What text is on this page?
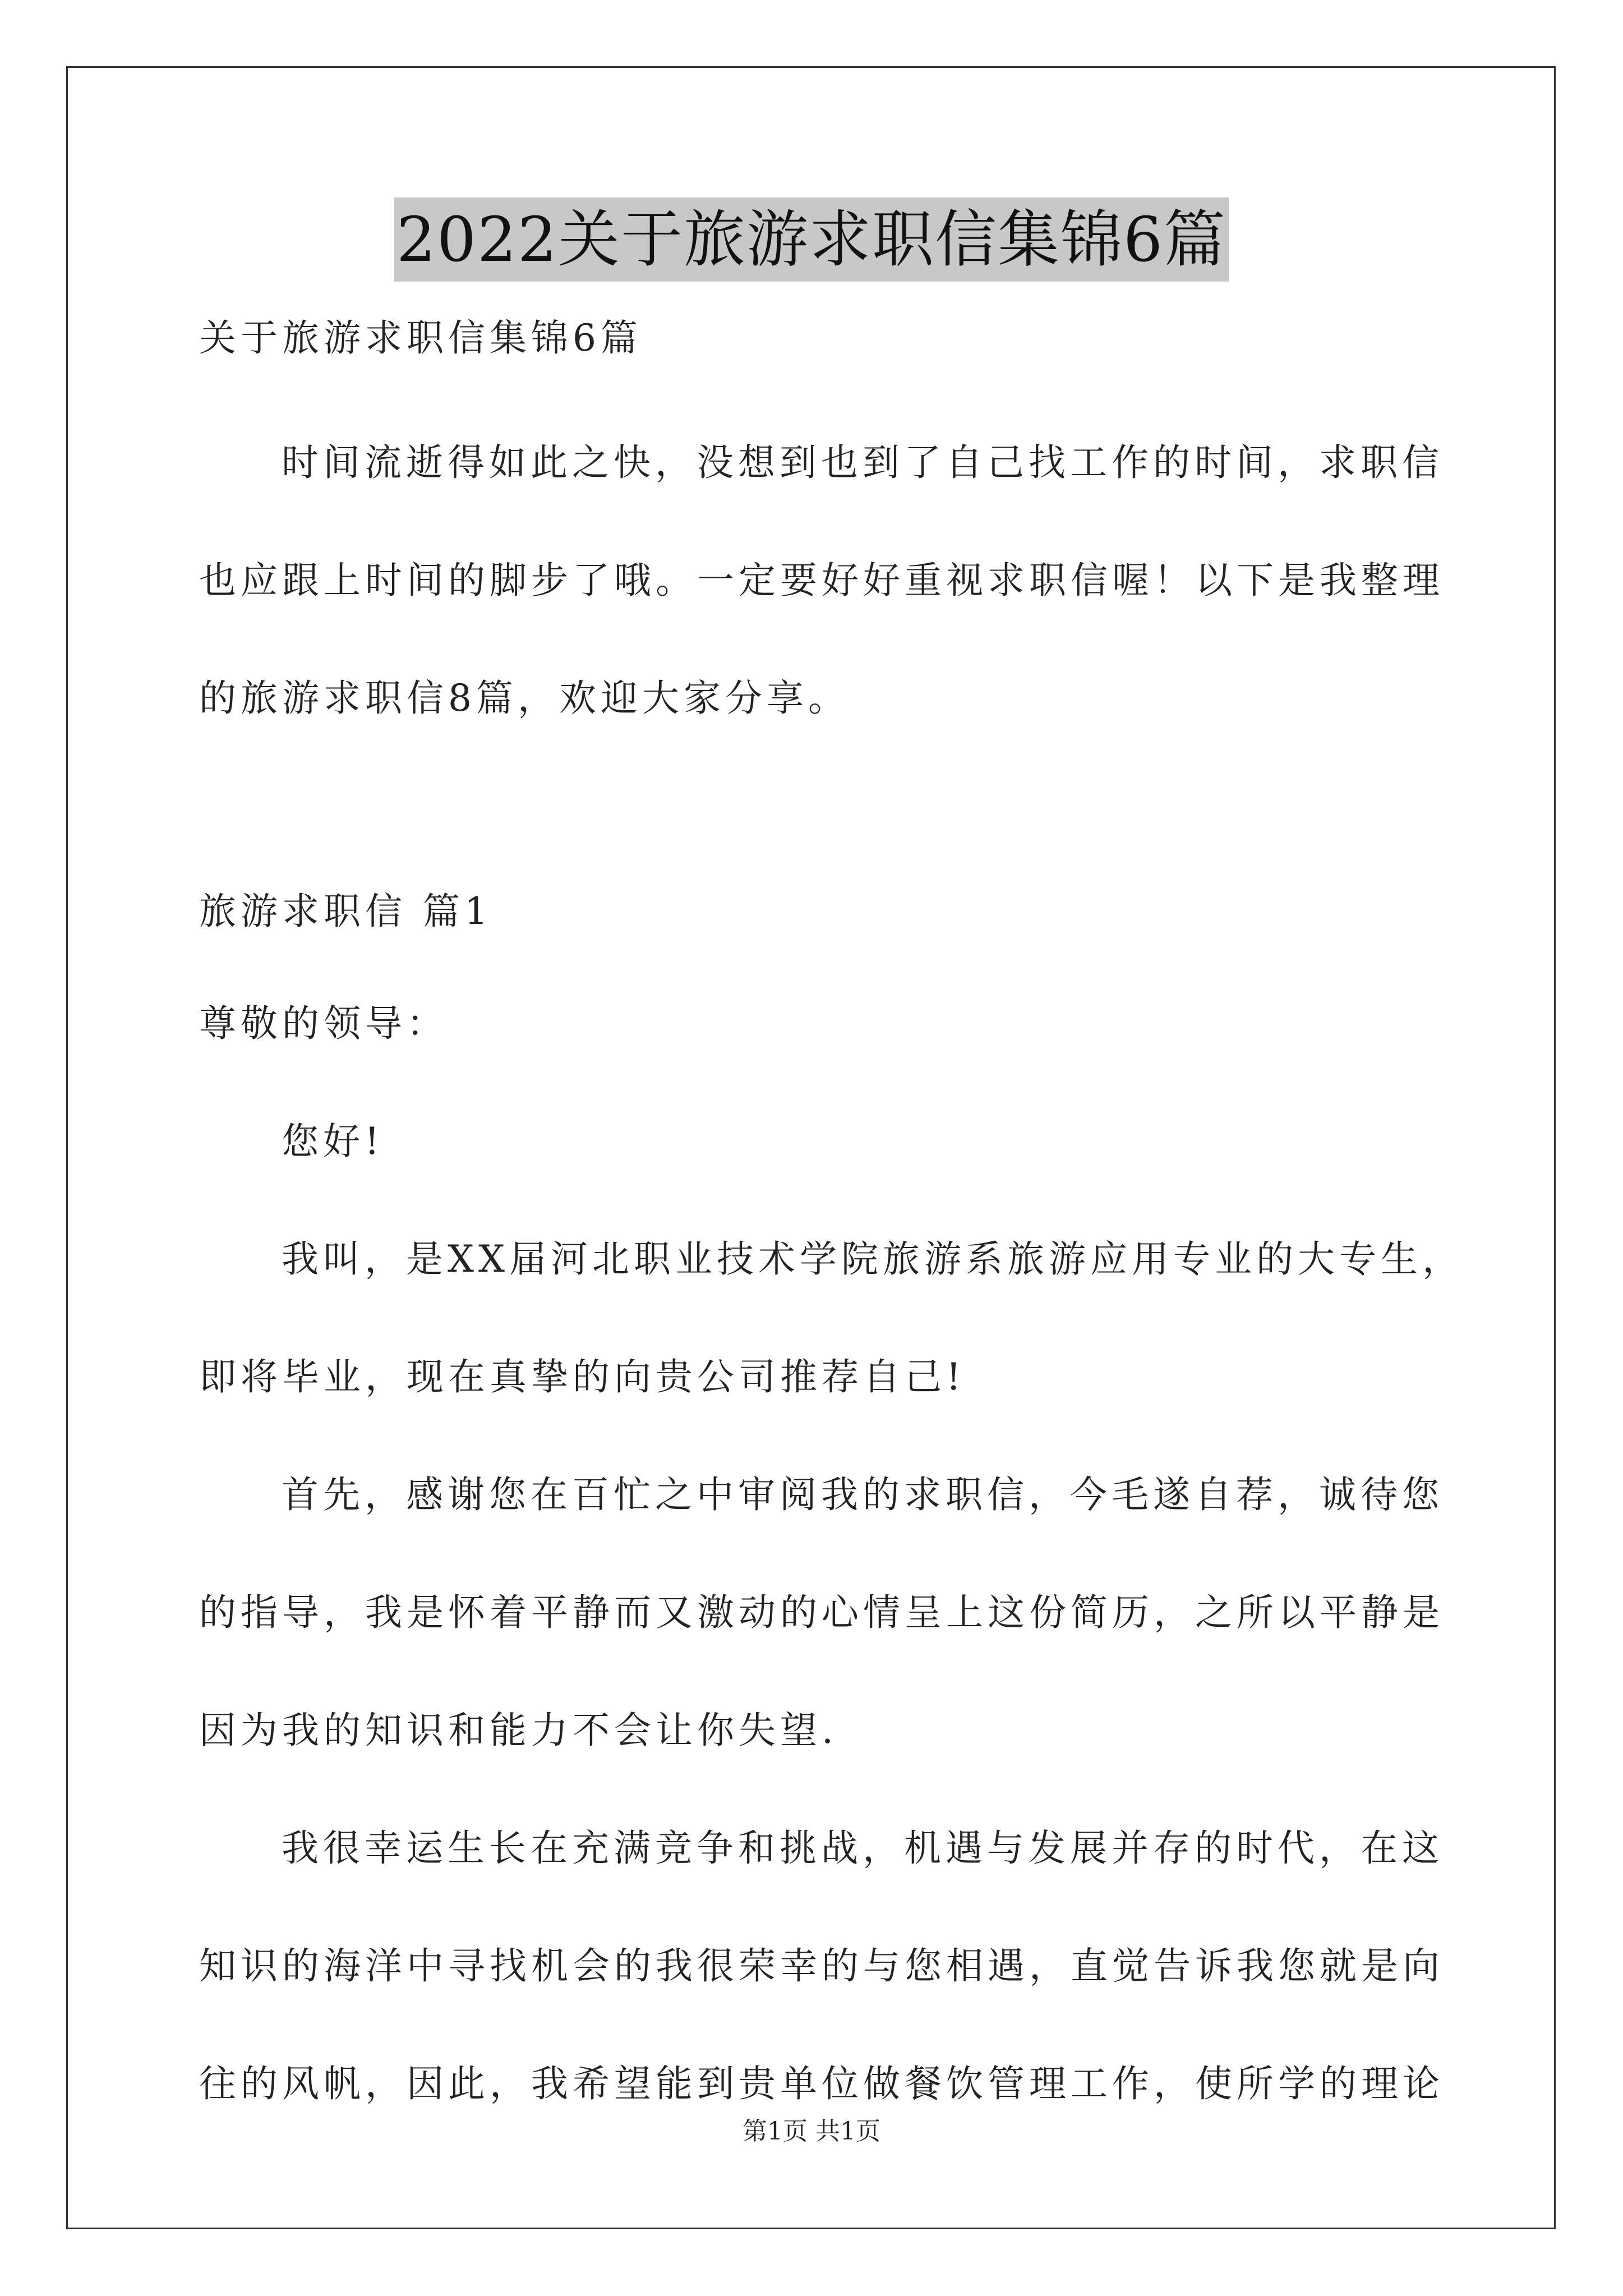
2022关于旅游求职信集锦6篇
关于旅游求职信集锦6篇
时间流逝得如此之快，没想到也到了自己找工作的时间，求职信
也应跟上时间的脚步了哦。一定要好好重视求职信喔！以下是我整理
的旅游求职信8篇，欢迎大家分享。
旅游求职信 篇1
尊敬的领导：
您好!
我叫，是XX届河北职业技术学院旅游系旅游应用专业的大专生，
即将毕业，现在真挚的向贵公司推荐自己!
首先，感谢您在百忙之中审阅我的求职信，今毛遂自荐，诚待您
的指导，我是怀着平静而又激动的心情呈上这份简历，之所以平静是
因为我的知识和能力不会让你失望.
我很幸运生长在充满竞争和挑战，机遇与发展并存的时代，在这
知识的海洋中寻找机会的我很荣幸的与您相遇，直觉告诉我您就是向
往的风帆，因此，我希望能到贵单位做餐饮管理工作，使所学的理论
第1页 共1页
